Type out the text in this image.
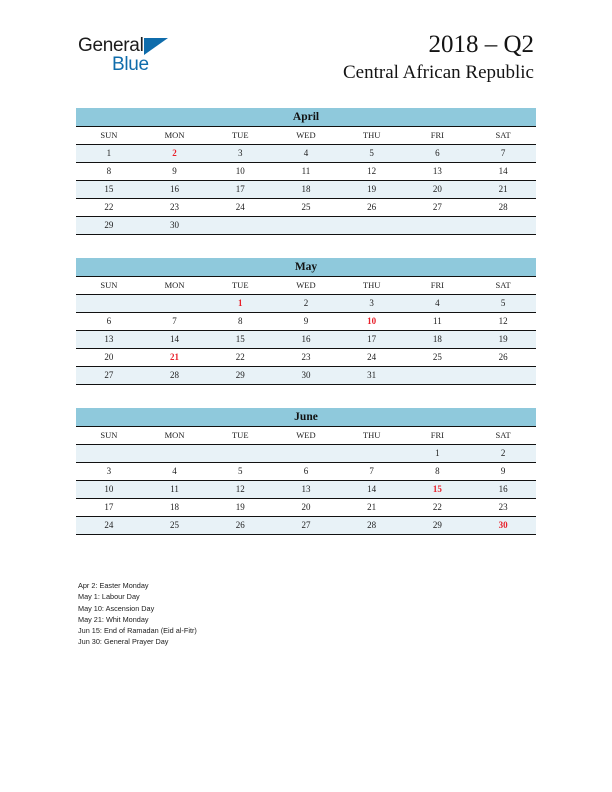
General
Blue
2018 – Q2
Central African Republic
April						
SUN	MON	TUE	WED	THU	FRI	SAT
1	2	3	4	5	6	7
8	9	10	11	12	13	14
15	16	17	18	19	20	21
22	23	24	25	26	27	28
29	30					
May						
SUN	MON	TUE	WED	THU	FRI	SAT
		1	2	3	4	5
6	7	8	9	10	11	12
13	14	15	16	17	18	19
20	21	22	23	24	25	26
27	28	29	30	31		
June						
SUN	MON	TUE	WED	THU	FRI	SAT
					1	2
3	4	5	6	7	8	9
10	11	12	13	14	15	16
17	18	19	20	21	22	23
24	25	26	27	28	29	30
Apr 2: Easter Monday
May 1: Labour Day
May 10: Ascension Day
May 21: Whit Monday
Jun 15: End of Ramadan (Eid al-Fitr)
Jun 30: General Prayer Day
